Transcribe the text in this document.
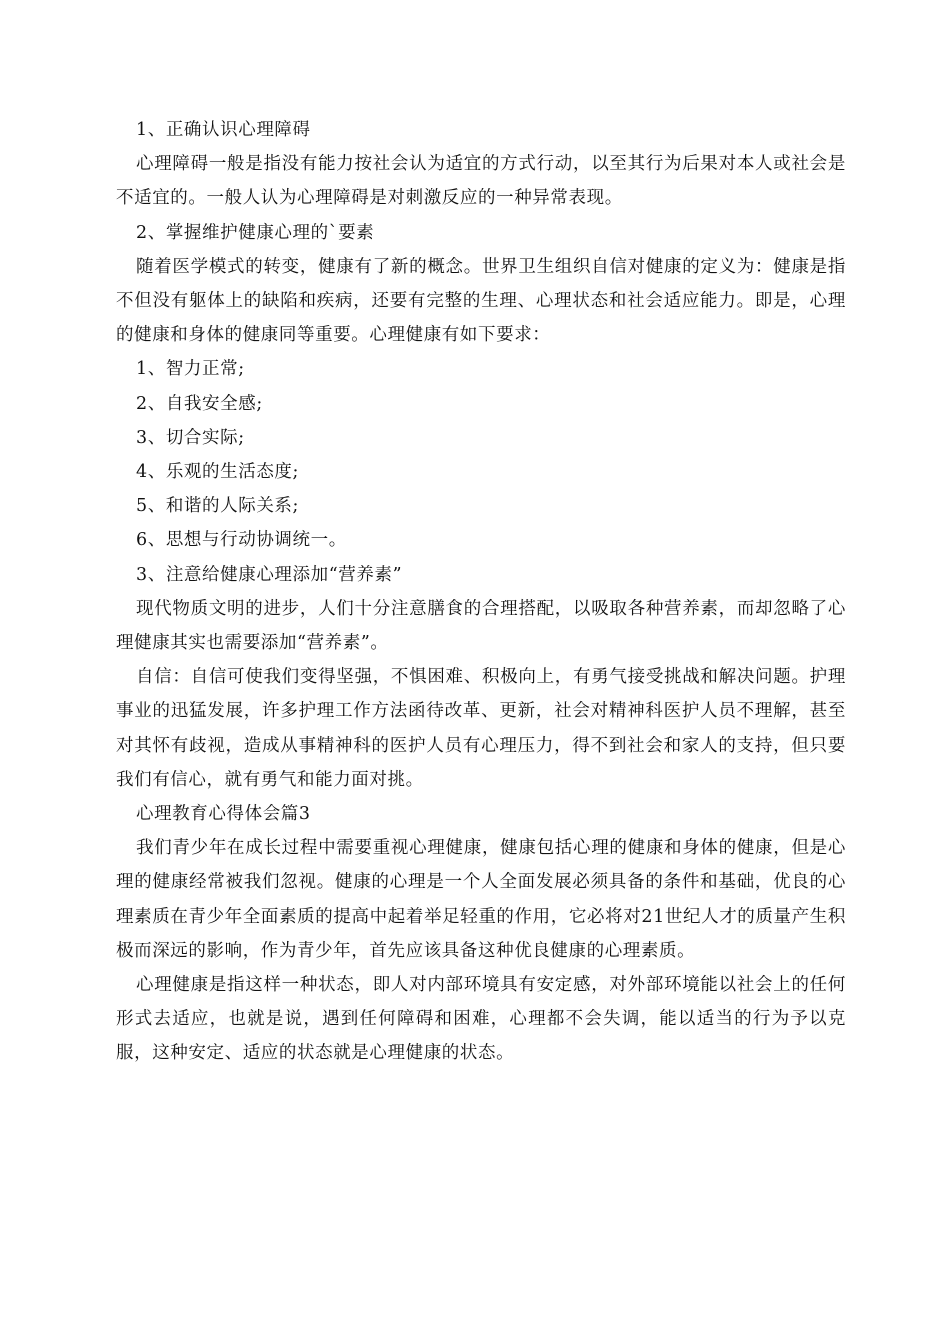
1、正确认识心理障碍

心理障碍一般是指没有能力按社会认为适宜的方式行动，以至其行为后果对本人或社会是不适宜的。一般人认为心理障碍是对刺激反应的一种异常表现。

2、掌握维护健康心理的`要素

随着医学模式的转变，健康有了新的概念。世界卫生组织自信对健康的定义为：健康是指不但没有躯体上的缺陷和疾病，还要有完整的生理、心理状态和社会适应能力。即是，心理的健康和身体的健康同等重要。心理健康有如下要求：

1、智力正常;

2、自我安全感;

3、切合实际;

4、乐观的生活态度;

5、和谐的人际关系;

6、思想与行动协调统一。

3、注意给健康心理添加“营养素”

现代物质文明的进步，人们十分注意膳食的合理搭配，以吸取各种营养素，而却忽略了心理健康其实也需要添加“营养素”。

自信：自信可使我们变得坚强，不惧困难、积极向上，有勇气接受挑战和解决问题。护理事业的迅猛发展，许多护理工作方法函待改革、更新，社会对精神科医护人员不理解，甚至对其怀有歧视，造成从事精神科的医护人员有心理压力，得不到社会和家人的支持，但只要我们有信心，就有勇气和能力面对挑。

心理教育心得体会篇3

我们青少年在成长过程中需要重视心理健康，健康包括心理的健康和身体的健康，但是心理的健康经常被我们忽视。健康的心理是一个人全面发展必须具备的条件和基础，优良的心理素质在青少年全面素质的提高中起着举足轻重的作用，它必将对21世纪人才的质量产生积极而深远的影响，作为青少年，首先应该具备这种优良健康的心理素质。

心理健康是指这样一种状态，即人对内部环境具有安定感，对外部环境能以社会上的任何形式去适应，也就是说，遇到任何障碍和困难，心理都不会失调，能以适当的行为予以克服，这种安定、适应的状态就是心理健康的状态。
